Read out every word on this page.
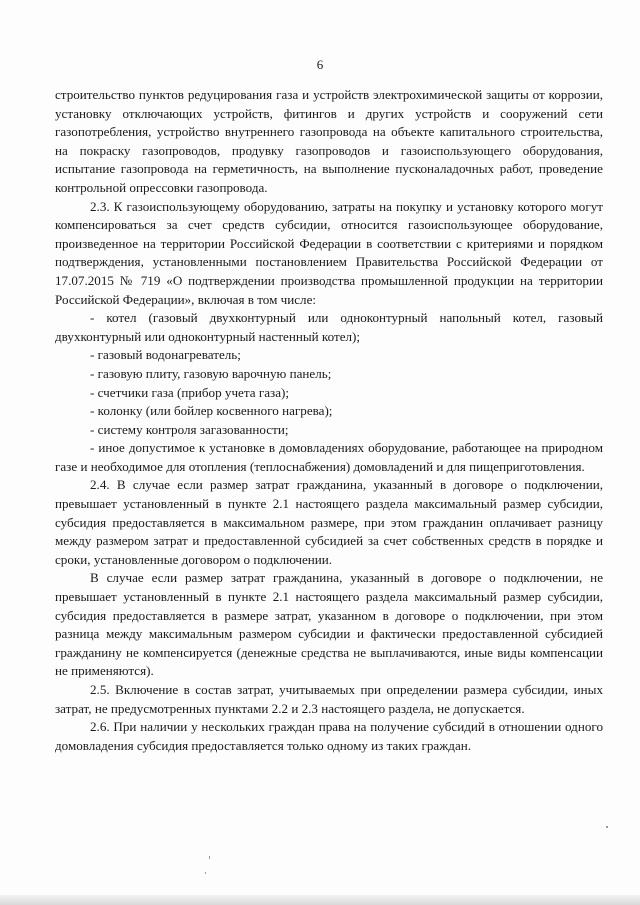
6

строительство пунктов редуцирования газа и устройств электрохимической защиты от коррозии, установку отключающих устройств, фитингов и других устройств и сооружений сети газопотребления, устройство внутреннего газопровода на объекте капитального строительства, на покраску газопроводов, продувку газопроводов и газоиспользующего оборудования, испытание газопровода на герметичность, на выполнение пусконаладочных работ, проведение контрольной опрессовки газопровода.

2.3. К газоиспользующему оборудованию, затраты на покупку и установку которого могут компенсироваться за счет средств субсидии, относится газоиспользующее оборудование, произведенное на территории Российской Федерации в соответствии с критериями и порядком подтверждения, установленными постановлением Правительства Российской Федерации от 17.07.2015 № 719 «О подтверждении производства промышленной продукции на территории Российской Федерации», включая в том числе:

- котел (газовый двухконтурный или одноконтурный напольный котел, газовый двухконтурный или одноконтурный настенный котел);

- газовый водонагреватель;

- газовую плиту, газовую варочную панель;

- счетчики газа (прибор учета газа);

- колонку (или бойлер косвенного нагрева);

- систему контроля загазованности;

- иное допустимое к установке в домовладениях оборудование, работающее на природном газе и необходимое для отопления (теплоснабжения) домовладений и для пищеприготовления.

2.4. В случае если размер затрат гражданина, указанный в договоре о подключении, превышает установленный в пункте 2.1 настоящего раздела максимальный размер субсидии, субсидия предоставляется в максимальном размере, при этом гражданин оплачивает разницу между размером затрат и предоставленной субсидией за счет собственных средств в порядке и сроки, установленные договором о подключении.

В случае если размер затрат гражданина, указанный в договоре о подключении, не превышает установленный в пункте 2.1 настоящего раздела максимальный размер субсидии, субсидия предоставляется в размере затрат, указанном в договоре о подключении, при этом разница между максимальным размером субсидии и фактически предоставленной субсидией гражданину не компенсируется (денежные средства не выплачиваются, иные виды компенсации не применяются).

2.5. Включение в состав затрат, учитываемых при определении размера субсидии, иных затрат, не предусмотренных пунктами 2.2 и 2.3 настоящего раздела, не допускается.

2.6. При наличии у нескольких граждан права на получение субсидий в отношении одного домовладения субсидия предоставляется только одному из таких граждан.
